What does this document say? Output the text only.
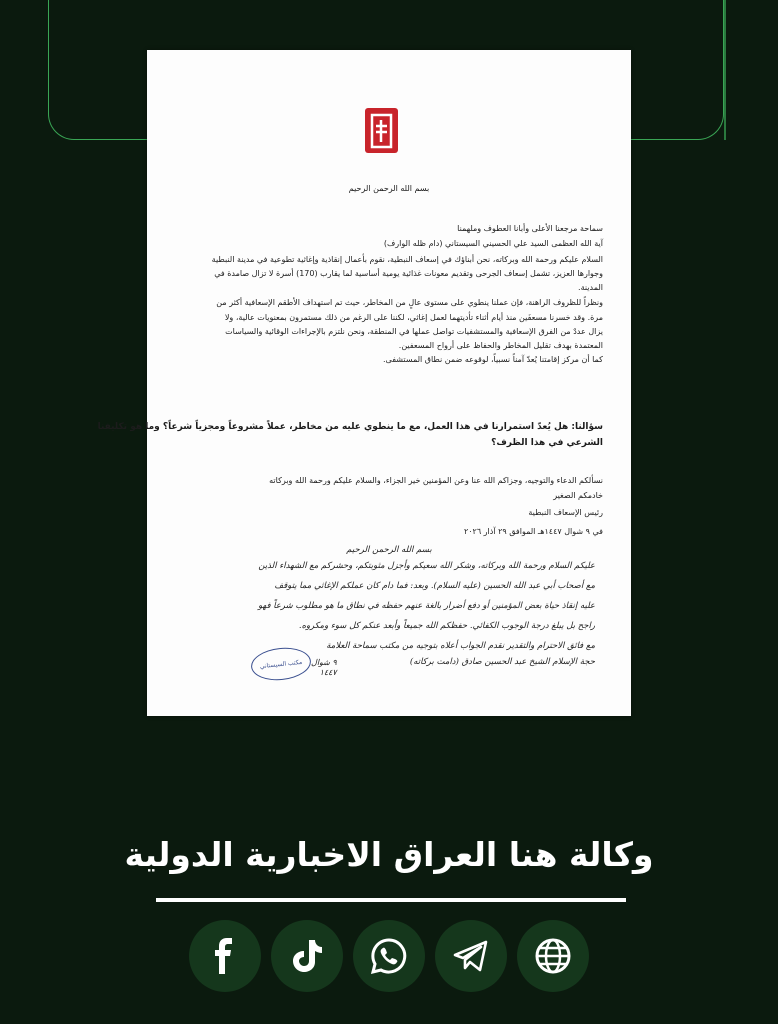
بسم الله الرحمن الرحيم
سماحة مرجعنا الأعلى وأبانا العطوف وملهمنا
آية الله العظمى السيد علي الحسيني السيستاني (دام ظله الوارف)
السلام عليكم ورحمة الله وبركاته، نحن أبناؤك في إسعاف النبطية، نقوم بأعمال إنقاذية وإغاثية تطوعية في مدينة النبطية
وجوارها العزيز، تشمل إسعاف الجرحى وتقديم معونات غذائية يومية أساسية لما يقارب (170) أسرة لا تزال صامدة في
المدينة.
ونظراً للظروف الراهنة، فإن عملنا ينطوي على مستوى عالٍ من المخاطر، حيث تم استهداف الأطقم الإسعافية أكثر من
مرة. وقد خسرنا مسعفَين منذ أيام أثناء تأديتهما لعمل إغاثي، لكننا على الرغم من ذلك مستمرون بمعنويات عالية، ولا
يزال عددٌ من الفرق الإسعافية والمستشفيات تواصل عملها في المنطقة، ونحن نلتزم بالإجراءات الوقائية والسياسات
المعتمدة بهدف تقليل المخاطر والحفاظ على أرواح المسعفين.
كما أن مركز إقامتنا يُعدّ آمناً نسبياً، لوقوعه ضمن نطاق المستشفى.
سؤالنا: هل يُعدّ استمرارنا في هذا العمل، مع ما ينطوي عليه من مخاطر، عملاً مشروعاً ومجزياً شرعاً؟ وما هو تكليفنا
الشرعي في هذا الظرف؟
نسألكم الدعاء والتوجيه، وجزاكم الله عنا وعن المؤمنين خير الجزاء، والسلام عليكم ورحمة الله وبركاته
خادمكم الصغير
رئيس الإسعاف النبطية
في ٩ شوال ١٤٤٧هـ الموافق ٢٩ آذار ٢٠٢٦
بسم الله الرحمن الرحيم
عليكم السلام ورحمة الله وبركاته، وشكر الله سعيكم وأجزل مثوبتكم، وحشركم مع الشهداء الذين
مع أصحاب أبي عبد الله الحسين (عليه السلام). وبعد: فما دام كان عملكم الإغاثي مما يتوقف
عليه إنقاذ حياة بعض المؤمنين أو دفع أضرار بالغة عنهم حفظه في نطاق ما هو مطلوب شرعاً فهو
راجح بل يبلغ درجة الوجوب الكفائي. حفظكم الله جميعاً وأبعد عنكم كل سوء ومكروه.
مع فائق الاحترام والتقدير نقدم الجواب أعلاه بتوجيه من مكتب سماحة العلامة
حجة الإسلام الشيخ عبد الحسين صادق (دامت بركاته)
مكتب السيستاني ٩ شوال
١٤٤٧
وكالة هنا العراق الاخبارية الدولية
